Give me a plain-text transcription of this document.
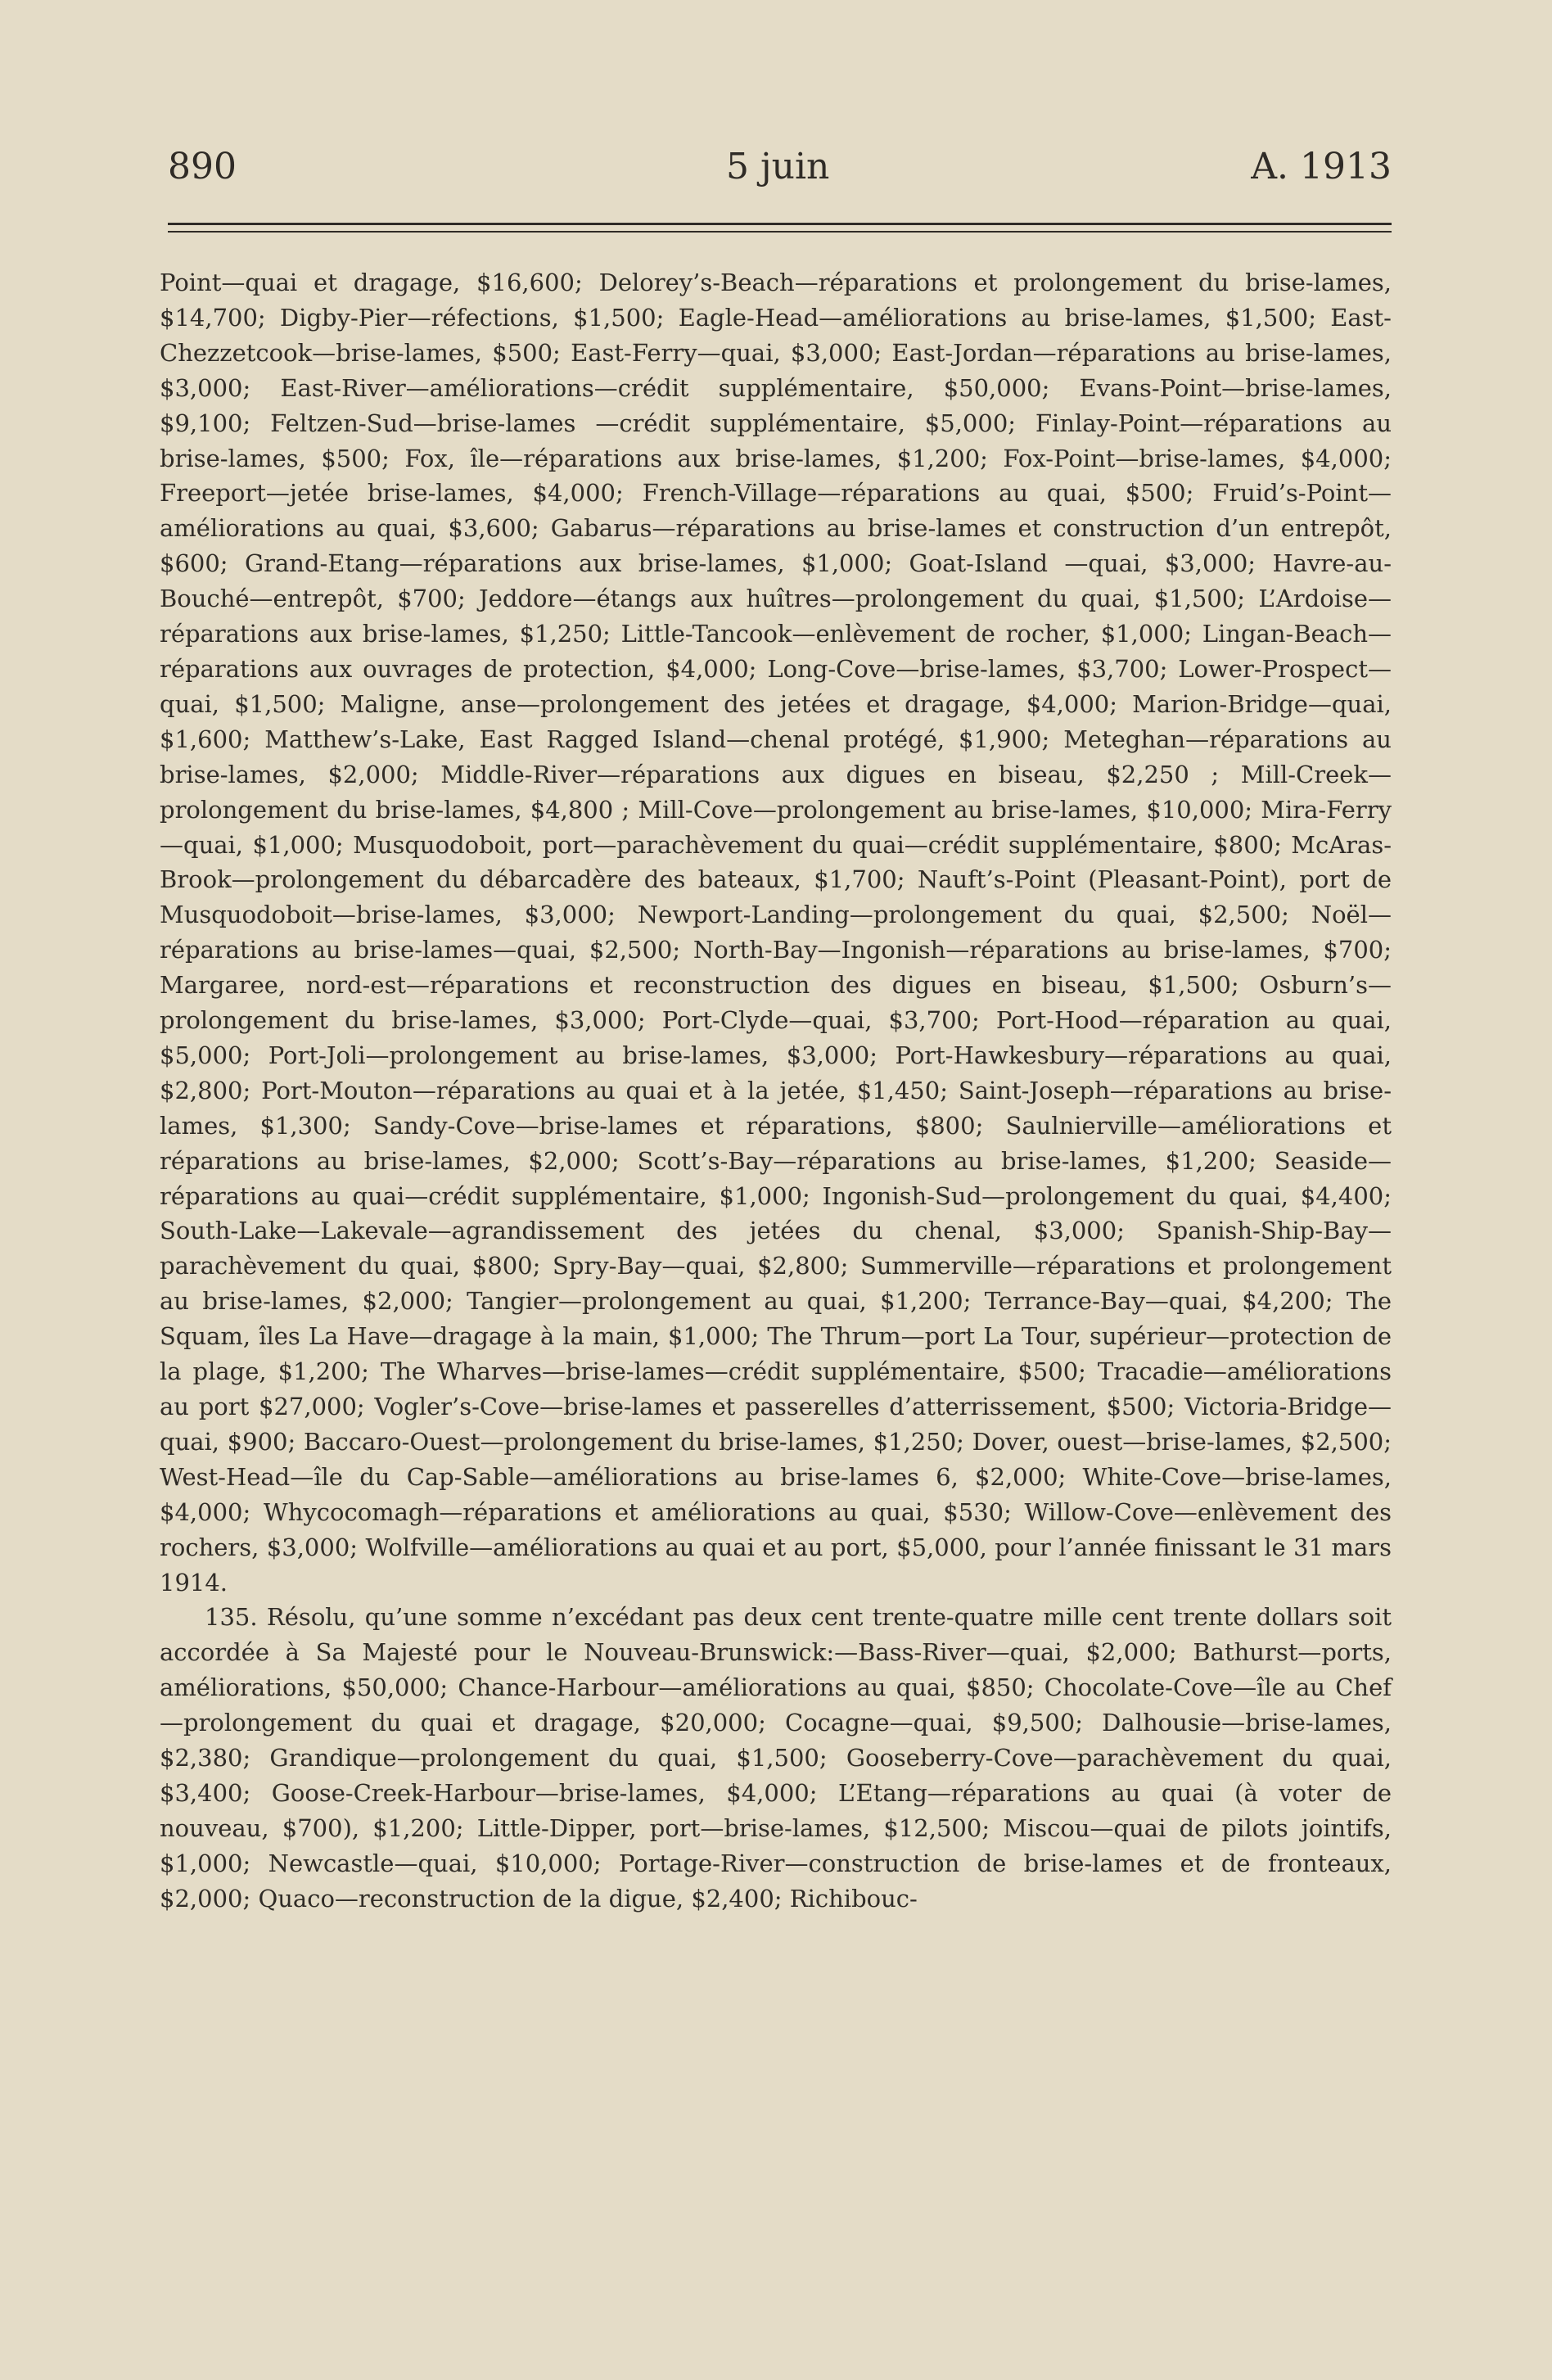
890	5 juin	A. 1913

Point—quai et dragage, $16,600; Delorey’s-Beach—réparations et prolongement du brise-lames, $14,700; Digby-Pier—réfections, $1,500; Eagle-Head—améliorations au brise-lames, $1,500; East-Chezzetcook—brise-lames, $500; East-Ferry—quai, $3,000; East-Jordan—réparations au brise-lames, $3,000; East-River—améliorations—crédit supplémentaire, $50,000; Evans-Point—brise-lames, $9,100; Feltzen-Sud—brise-lames —crédit supplémentaire, $5,000; Finlay-Point—réparations au brise-lames, $500; Fox, île—réparations aux brise-lames, $1,200; Fox-Point—brise-lames, $4,000; Freeport—jetée brise-lames, $4,000; French-Village—réparations au quai, $500; Fruid’s-Point—améliorations au quai, $3,600; Gabarus—réparations au brise-lames et construction d’un entrepôt, $600; Grand-Etang—réparations aux brise-lames, $1,000; Goat-Island —quai, $3,000; Havre-au-Bouché—entrepôt, $700; Jeddore—étangs aux huîtres—prolongement du quai, $1,500; L’Ardoise—réparations aux brise-lames, $1,250; Little-Tancook—enlèvement de rocher, $1,000; Lingan-Beach—réparations aux ouvrages de protection, $4,000; Long-Cove—brise-lames, $3,700; Lower-Prospect—quai, $1,500; Maligne, anse—prolongement des jetées et dragage, $4,000; Marion-Bridge—quai, $1,600; Matthew’s-Lake, East Ragged Island—chenal protégé, $1,900; Meteghan—réparations au brise-lames, $2,000; Middle-River—réparations aux digues en biseau, $2,250 ; Mill-Creek—prolongement du brise-lames, $4,800 ; Mill-Cove—prolongement au brise-lames, $10,000; Mira-Ferry—quai, $1,000; Musquodoboit, port—parachèvement du quai—crédit supplémentaire, $800; McAras-Brook—prolongement du débarcadère des bateaux, $1,700; Nauft’s-Point (Pleasant-Point), port de Musquodoboit—brise-lames, $3,000; Newport-Landing—prolongement du quai, $2,500; Noël—réparations au brise-lames—quai, $2,500; North-Bay—Ingonish—réparations au brise-lames, $700; Margaree, nord-est—réparations et reconstruction des digues en biseau, $1,500; Osburn’s—prolongement du brise-lames, $3,000; Port-Clyde—quai, $3,700; Port-Hood—réparation au quai, $5,000; Port-Joli—prolongement au brise-lames, $3,000; Port-Hawkesbury—réparations au quai, $2,800; Port-Mouton—réparations au quai et à la jetée, $1,450; Saint-Joseph—réparations au brise-lames, $1,300; Sandy-Cove—brise-lames et réparations, $800; Saulnierville—améliorations et réparations au brise-lames, $2,000; Scott’s-Bay—réparations au brise-lames, $1,200; Seaside—réparations au quai—crédit supplémentaire, $1,000; Ingonish-Sud—prolongement du quai, $4,400; South-Lake—Lakevale—agrandissement des jetées du chenal, $3,000; Spanish-Ship-Bay—parachèvement du quai, $800; Spry-Bay—quai, $2,800; Summerville—réparations et prolongement au brise-lames, $2,000; Tangier—prolongement au quai, $1,200; Terrance-Bay—quai, $4,200; The Squam, îles La Have—dragage à la main, $1,000; The Thrum—port La Tour, supérieur—protection de la plage, $1,200; The Wharves—brise-lames—crédit supplémentaire, $500; Tracadie—améliorations au port $27,000; Vogler’s-Cove—brise-lames et passerelles d’atterrissement, $500; Victoria-Bridge—quai, $900; Baccaro-Ouest—prolongement du brise-lames, $1,250; Dover, ouest—brise-lames, $2,500; West-Head—île du Cap-Sable—améliorations au brise-lames 6, $2,000; White-Cove—brise-lames, $4,000; Whycocomagh—réparations et améliorations au quai, $530; Willow-Cove—enlèvement des rochers, $3,000; Wolfville—améliorations au quai et au port, $5,000, pour l’année finissant le 31 mars 1914.

135. Résolu, qu’une somme n’excédant pas deux cent trente-quatre mille cent trente dollars soit accordée à Sa Majesté pour le Nouveau-Brunswick:—Bass-River—quai, $2,000; Bathurst—ports, améliorations, $50,000; Chance-Harbour—améliorations au quai, $850; Chocolate-Cove—île au Chef—prolongement du quai et dragage, $20,000; Cocagne—quai, $9,500; Dalhousie—brise-lames, $2,380; Grandique—prolongement du quai, $1,500; Gooseberry-Cove—parachèvement du quai, $3,400; Goose-Creek-Harbour—brise-lames, $4,000; L’Etang—réparations au quai (à voter de nouveau, $700), $1,200; Little-Dipper, port—brise-lames, $12,500; Miscou—quai de pilots jointifs, $1,000; Newcastle—quai, $10,000; Portage-River—construction de brise-lames et de fronteaux, $2,000; Quaco—reconstruction de la digue, $2,400; Richibouc-
